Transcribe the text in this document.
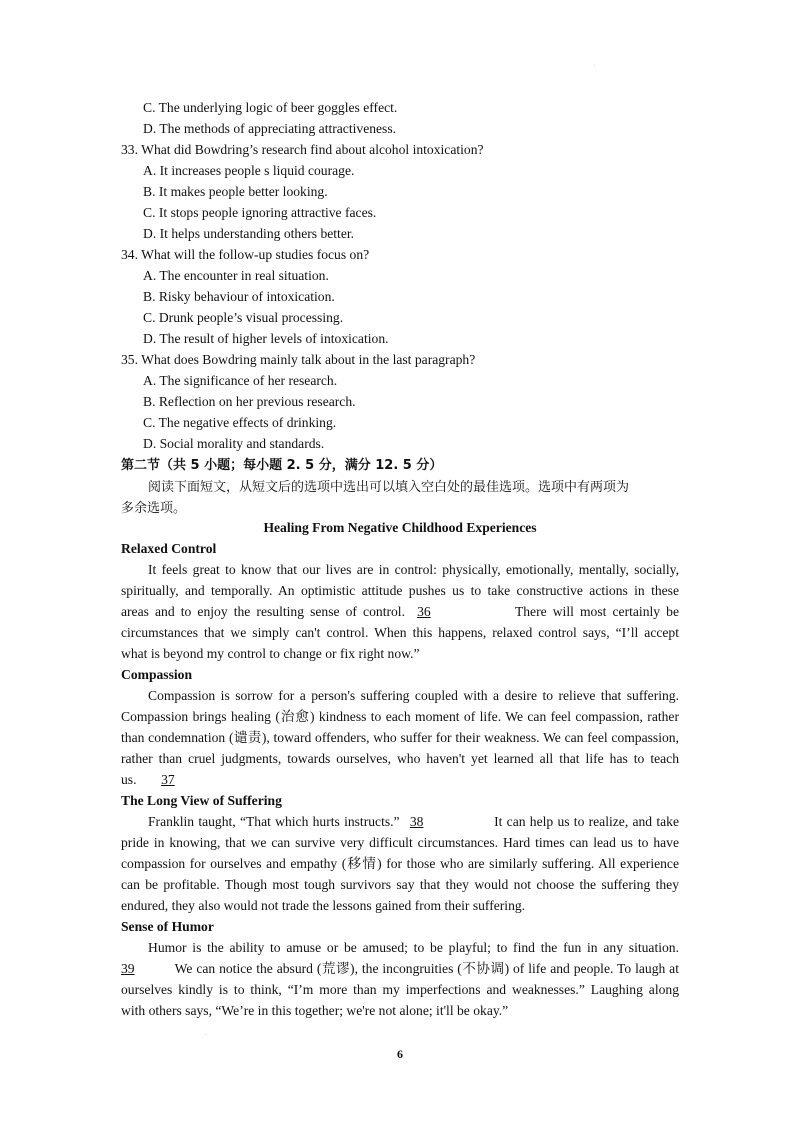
.
C. The underlying logic of beer goggles effect.
D. The methods of appreciating attractiveness.
33. What did Bowdring’s research find about alcohol intoxication?
A. It increases people s liquid courage.
B. It makes people better looking.
C. It stops people ignoring attractive faces.
D. It helps understanding others better.
34. What will the follow-up studies focus on?
A. The encounter in real situation.
B. Risky behaviour of intoxication.
C. Drunk people’s visual processing.
D. The result of higher levels of intoxication.
35. What does Bowdring mainly talk about in the last paragraph?
A. The significance of her research.
B. Reflection on her previous research.
C. The negative effects of drinking.
D. Social morality and standards.
第二节（共 5 小题；每小题 2. 5 分，满分 12. 5 分）
阅读下面短文，从短文后的选项中选出可以填入空白处的最佳选项。选项中有两项为
多余选项。
Healing From Negative Childhood Experiences
Relaxed Control
It feels great to know that our lives are in control: physically, emotionally, mentally, socially,
spiritually, and temporally. An optimistic attitude pushes us to take constructive actions in these
areas and to enjoy the resulting sense of control. 36	There will most certainly be
circumstances that we simply can't control. When this happens, relaxed control says, “I’ll accept
what is beyond my control to change or fix right now.”
Compassion
Compassion is sorrow for a person's suffering coupled with a desire to relieve that suffering.
Compassion brings healing (治愈) kindness to each moment of life. We can feel compassion, rather
than condemnation (谴责), toward offenders, who suffer for their weakness. We can feel compassion,
rather than cruel judgments, towards ourselves, who haven't yet learned all that life has to teach
us. 37
The Long View of Suffering
Franklin taught, “That which hurts instructs.” 38	It can help us to realize, and take
pride in knowing, that we can survive very difficult circumstances. Hard times can lead us to have
compassion for ourselves and empathy (移情) for those who are similarly suffering. All experience
can be profitable. Though most tough survivors say that they would not choose the suffering they
endured, they also would not trade the lessons gained from their suffering.
Sense of Humor
Humor is the ability to amuse or be amused; to be playful; to find the fun in any situation.
39	We can notice the absurd (荒谬), the incongruities (不协调) of life and people. To laugh at
ourselves kindly is to think, “I’m more than my imperfections and weaknesses.” Laughing along
with others says, “We’re in this together; we're not alone; it'll be okay.”
.
6
